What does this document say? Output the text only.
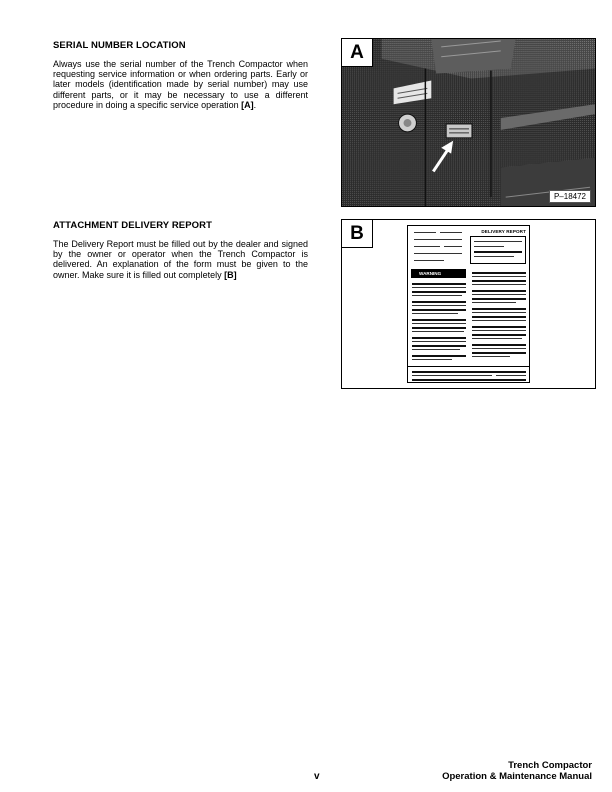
SERIAL NUMBER LOCATION

Always use the serial number of the Trench Compactor when requesting service information or when ordering parts. Early or later models (identification made by serial number) may use different parts, or it may be necessary to use a different procedure in doing a specific service operation [A].

ATTACHMENT DELIVERY REPORT

The Delivery Report must be filled out by the dealer and signed by the owner or operator when the Trench Compactor is delivered. An explanation of the form must be given to the owner. Make sure it is filled out completely [B]

A
P–18472
B	DELIVERY REPORT
WARNING
v
Trench Compactor
Operation & Maintenance Manual
